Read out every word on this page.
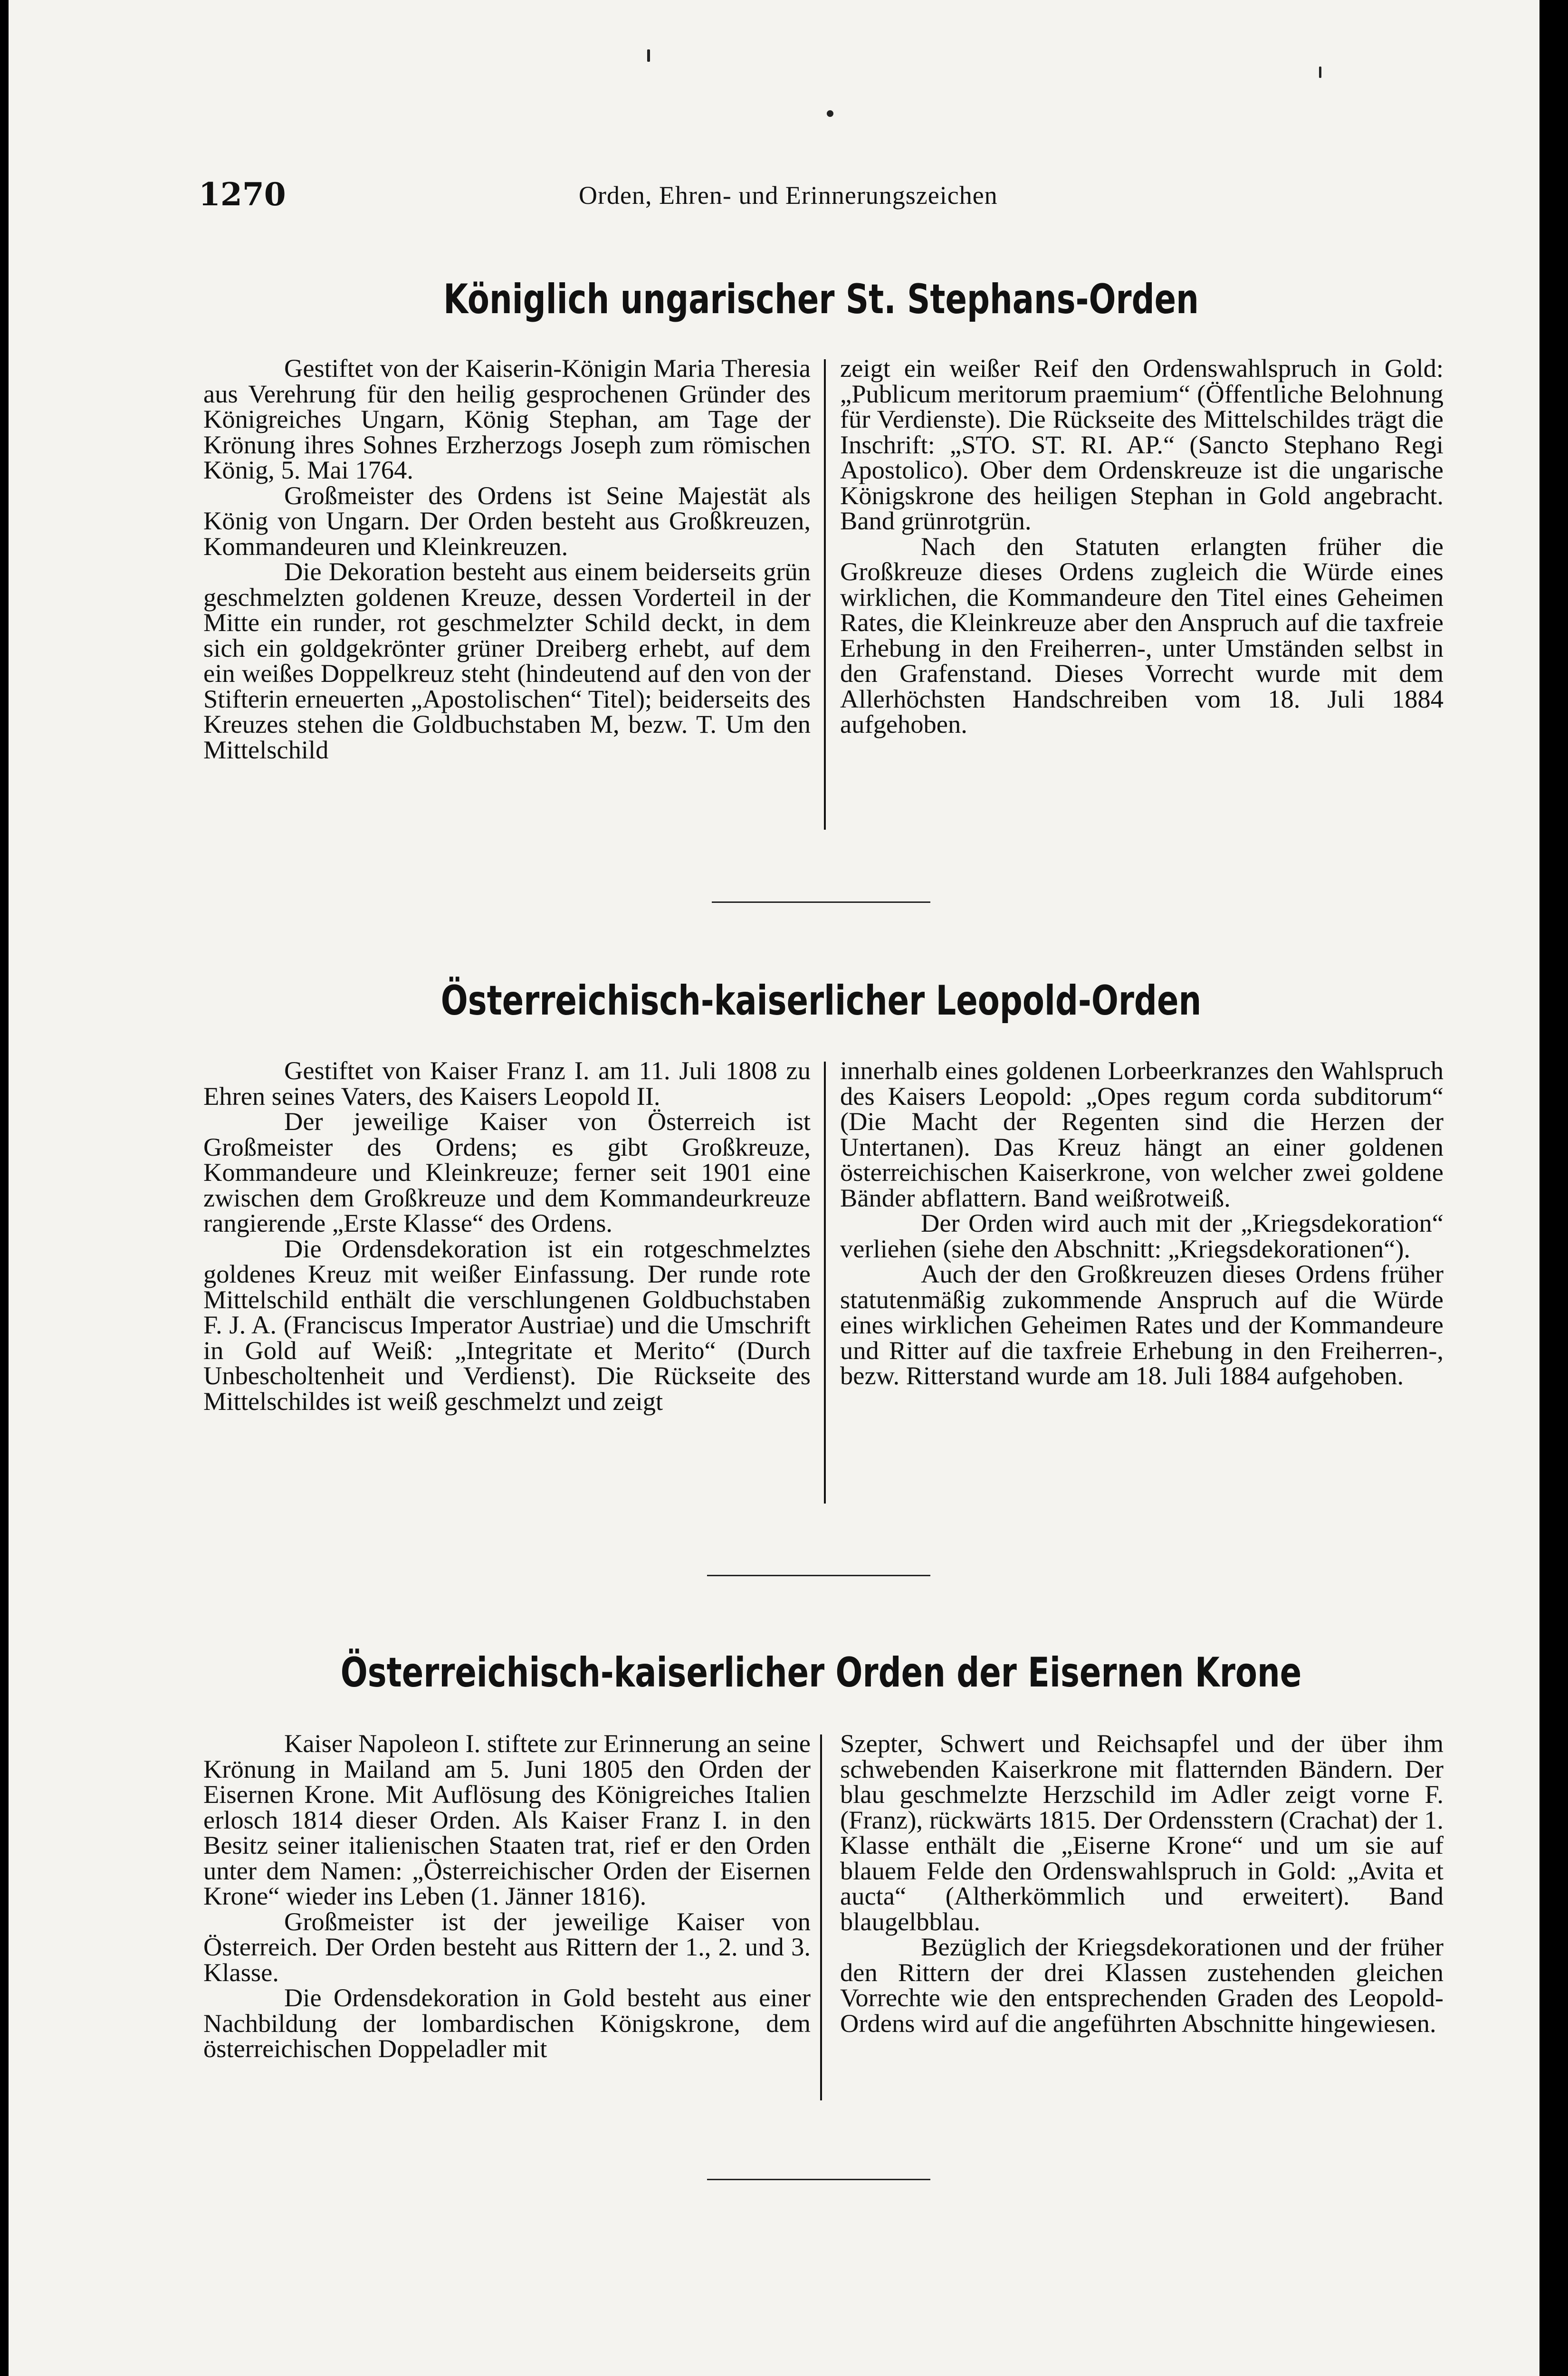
1270	Orden, Ehren- und Erinnerungszeichen
Königlich ungarischer St. Stephans-Orden

Gestiftet von der Kaiserin-Königin Maria Theresia aus Verehrung für den heilig gesprochenen Gründer des Königreiches Ungarn, König Stephan, am Tage der Krönung ihres Sohnes Erzherzogs Joseph zum römischen König, 5. Mai 1764.

Großmeister des Ordens ist Seine Majestät als König von Ungarn. Der Orden besteht aus Großkreuzen, Kommandeuren und Kleinkreuzen.

Die Dekoration besteht aus einem beiderseits grün geschmelzten goldenen Kreuze, dessen Vorderteil in der Mitte ein runder, rot geschmelzter Schild deckt, in dem sich ein goldgekrönter grüner Dreiberg erhebt, auf dem ein weißes Doppelkreuz steht (hindeutend auf den von der Stifterin erneuerten „Apostolischen“ Titel); beiderseits des Kreuzes stehen die Goldbuchstaben M, bezw. T. Um den Mittelschild

zeigt ein weißer Reif den Ordenswahlspruch in Gold: „Publicum meritorum praemium“ (Öffentliche Belohnung für Verdienste). Die Rückseite des Mittelschildes trägt die Inschrift: „STO. ST. RI. AP.“ (Sancto Stephano Regi Apostolico). Ober dem Ordenskreuze ist die ungarische Königskrone des heiligen Stephan in Gold angebracht. Band grünrotgrün.

Nach den Statuten erlangten früher die Großkreuze dieses Ordens zugleich die Würde eines wirklichen, die Kommandeure den Titel eines Geheimen Rates, die Kleinkreuze aber den Anspruch auf die taxfreie Erhebung in den Freiherren-, unter Umständen selbst in den Grafenstand. Dieses Vorrecht wurde mit dem Allerhöchsten Handschreiben vom 18. Juli 1884 aufgehoben.

Österreichisch-kaiserlicher Leopold-Orden

Gestiftet von Kaiser Franz I. am 11. Juli 1808 zu Ehren seines Vaters, des Kaisers Leopold II.

Der jeweilige Kaiser von Österreich ist Großmeister des Ordens; es gibt Großkreuze, Kommandeure und Kleinkreuze; ferner seit 1901 eine zwischen dem Großkreuze und dem Kommandeurkreuze rangierende „Erste Klasse“ des Ordens.

Die Ordensdekoration ist ein rotgeschmelztes goldenes Kreuz mit weißer Einfassung. Der runde rote Mittelschild enthält die verschlungenen Goldbuchstaben F. J. A. (Franciscus Imperator Austriae) und die Umschrift in Gold auf Weiß: „Integritate et Merito“ (Durch Unbescholtenheit und Verdienst). Die Rückseite des Mittelschildes ist weiß geschmelzt und zeigt

innerhalb eines goldenen Lorbeerkranzes den Wahlspruch des Kaisers Leopold: „Opes regum corda subditorum“ (Die Macht der Regenten sind die Herzen der Untertanen). Das Kreuz hängt an einer goldenen österreichischen Kaiserkrone, von welcher zwei goldene Bänder abflattern. Band weißrotweiß.

Der Orden wird auch mit der „Kriegsdekoration“ verliehen (siehe den Abschnitt: „Kriegsdekorationen“).

Auch der den Großkreuzen dieses Ordens früher statutenmäßig zukommende Anspruch auf die Würde eines wirklichen Geheimen Rates und der Kommandeure und Ritter auf die taxfreie Erhebung in den Freiherren-, bezw. Ritterstand wurde am 18. Juli 1884 aufgehoben.

Österreichisch-kaiserlicher Orden der Eisernen Krone

Kaiser Napoleon I. stiftete zur Erinnerung an seine Krönung in Mailand am 5. Juni 1805 den Orden der Eisernen Krone. Mit Auflösung des Königreiches Italien erlosch 1814 dieser Orden. Als Kaiser Franz I. in den Besitz seiner italienischen Staaten trat, rief er den Orden unter dem Namen: „Österreichischer Orden der Eisernen Krone“ wieder ins Leben (1. Jänner 1816).

Großmeister ist der jeweilige Kaiser von Österreich. Der Orden besteht aus Rittern der 1., 2. und 3. Klasse.

Die Ordensdekoration in Gold besteht aus einer Nachbildung der lombardischen Königskrone, dem österreichischen Doppeladler mit

Szepter, Schwert und Reichsapfel und der über ihm schwebenden Kaiserkrone mit flatternden Bändern. Der blau geschmelzte Herzschild im Adler zeigt vorne F. (Franz), rückwärts 1815. Der Ordensstern (Crachat) der 1. Klasse enthält die „Eiserne Krone“ und um sie auf blauem Felde den Ordenswahlspruch in Gold: „Avita et aucta“ (Altherkömmlich und erweitert). Band blaugelbblau.

Bezüglich der Kriegsdekorationen und der früher den Rittern der drei Klassen zustehenden gleichen Vorrechte wie den entsprechenden Graden des Leopold-Ordens wird auf die angeführten Abschnitte hingewiesen.
